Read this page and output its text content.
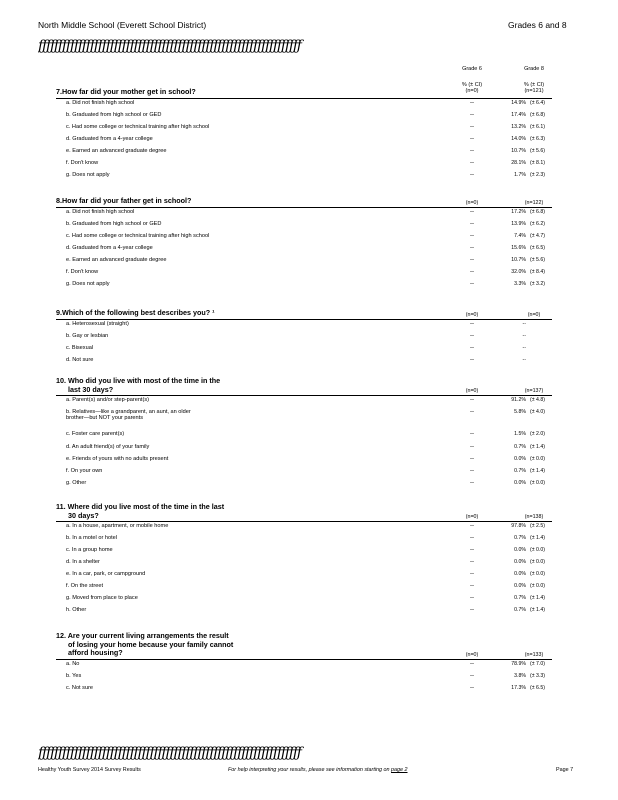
North Middle School (Everett School District)	Grades 6 and 8
ƒƒƒƒƒƒƒƒƒƒƒƒƒƒƒƒƒƒƒƒƒƒƒƒƒƒƒƒƒƒƒƒƒƒƒƒƒƒƒƒƒƒƒƒƒƒƒƒƒƒƒƒƒƒƒƒƒƒƒƒƒƒƒƒƒƒ
Grade 6
% (± CI)
(n=0)
Grade 8
% (± CI)
(n=121)
7.How far did your mother get in school?
a. Did not finish high school	--	14.9% (± 6.4)
b. Graduated from high school or GED	--	17.4% (± 6.8)
c. Had some college or technical training after high school	--	13.2% (± 6.1)
d. Graduated from a 4-year college	--	14.0% (± 6.3)
e. Earned an advanced graduate degree	--	10.7% (± 5.6)
f. Don't know	--	28.1% (± 8.1)
g. Does not apply	--	1.7% (± 2.3)
8.How far did your father get in school?	(n=0)	(n=122)
a. Did not finish high school	--	17.2% (± 6.8)
b. Graduated from high school or GED	--	13.9% (± 6.2)
c. Had some college or technical training after high school	--	7.4% (± 4.7)
d. Graduated from a 4-year college	--	15.6% (± 6.5)
e. Earned an advanced graduate degree	--	10.7% (± 5.6)
f. Don't know	--	32.0% (± 8.4)
g. Does not apply	--	3.3% (± 3.2)
9.Which of the following best describes you? ¹	(n=0)	(n=0)
a. Heterosexual (straight)	--	--
b. Gay or lesbian	--	--
c. Bisexual	--	--
d. Not sure	--	--
10. Who did you live with most of the time in the
last 30 days?	(n=0)	(n=137)
a. Parent(s) and/or step-parent(s)	--	91.2% (± 4.8)
b. Relatives—like a grandparent, an aunt, an older
brother—but NOT your parents
--	5.8% (± 4.0)
c. Foster care parent(s)	--	1.5% (± 2.0)
d. An adult friend(s) of your family	--	0.7% (± 1.4)
e. Friends of yours with no adults present	--	0.0% (± 0.0)
f. On your own	--	0.7% (± 1.4)
g. Other	--	0.0% (± 0.0)
11. Where did you live most of the time in the last
30 days?	(n=0)	(n=138)
a. In a house, apartment, or mobile home	--	97.8% (± 2.5)
b. In a motel or hotel	--	0.7% (± 1.4)
c. In a group home	--	0.0% (± 0.0)
d. In a shelter	--	0.0% (± 0.0)
e. In a car, park, or campground	--	0.0% (± 0.0)
f. On the street	--	0.0% (± 0.0)
g. Moved from place to place	--	0.7% (± 1.4)
h. Other	--	0.7% (± 1.4)
12. Are your current living arrangements the result
of losing your home because your family cannot
afford housing?	(n=0)	(n=133)
a. No	--	78.9% (± 7.0)
b. Yes	--	3.8% (± 3.3)
c. Not sure	--	17.3% (± 6.5)
ƒƒƒƒƒƒƒƒƒƒƒƒƒƒƒƒƒƒƒƒƒƒƒƒƒƒƒƒƒƒƒƒƒƒƒƒƒƒƒƒƒƒƒƒƒƒƒƒƒƒƒƒƒƒƒƒƒƒƒƒƒƒƒƒƒƒ
Healthy Youth Survey 2014 Survey Results	For help interpreting your results, please see information starting on page 2	Page 7
